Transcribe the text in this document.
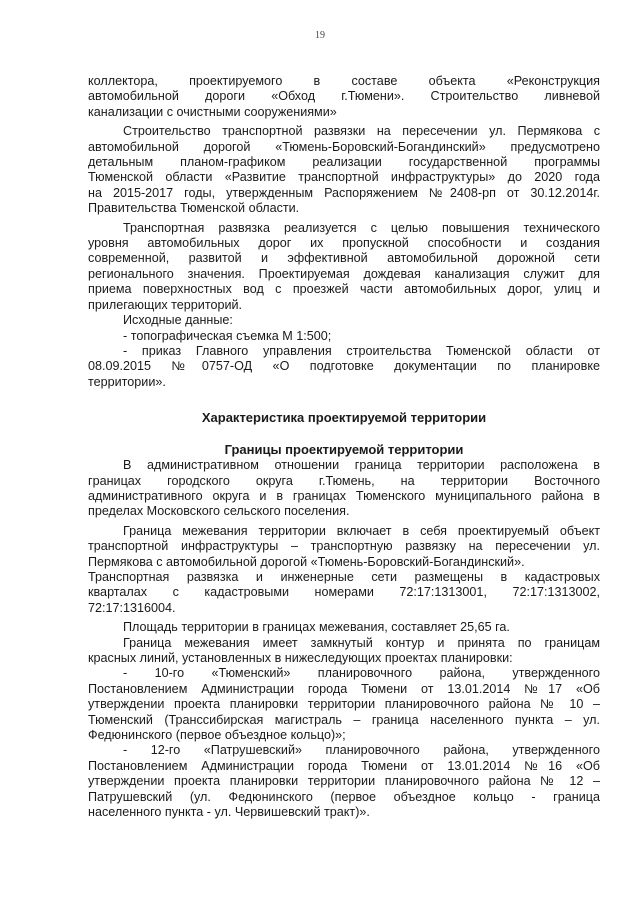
19

коллектора, проектируемого в составе объекта «Реконструкция

автомобильной дороги «Обход г.Тюмени». Строительство ливневой

канализации с очистными сооружениями»

Строительство транспортной развязки на пересечении ул. Пермякова с

автомобильной дорогой «Тюмень-Боровский-Богандинский» предусмотрено

детальным планом-графиком реализации государственной программы

Тюменской области «Развитие транспортной инфраструктуры» до 2020 года

на 2015-2017 годы, утвержденным Распоряжением №2408-рп от 30.12.2014г.

Правительства Тюменской области.

Транспортная развязка реализуется с целью повышения технического

уровня автомобильных дорог их пропускной способности и создания

современной, развитой и эффективной автомобильной дорожной сети

регионального значения. Проектируемая дождевая канализация служит для

приема поверхностных вод с проезжей части автомобильных дорог, улиц и

прилегающих территорий.

Исходные данные:

- топографическая съемка М 1:500;

- приказ Главного управления строительства Тюменской области от

08.09.2015 №0757-ОД «О подготовке документации по планировке

территории».

Характеристика проектируемой территории

Границы проектируемой территории

В административном отношении граница территории расположена в

границах городского округа г.Тюмень, на территории Восточного

административного округа и в границах Тюменского муниципального района в

пределах Московского сельского поселения.

Граница межевания территории включает в себя проектируемый объект

транспортной инфраструктуры – транспортную развязку на пересечении ул.

Пермякова с автомобильной дорогой «Тюмень-Боровский-Богандинский».

Транспортная развязка и инженерные сети размещены в кадастровых

кварталах с кадастровыми номерами 72:17:1313001, 72:17:1313002,

72:17:1316004.

Площадь территории в границах межевания, составляет 25,65 га.

Граница межевания имеет замкнутый контур и принята по границам

красных линий, установленных в нижеследующих проектах планировки:

- 10-го «Тюменский» планировочного района, утвержденного

Постановлением Администрации города Тюмени от 13.01.2014 №17 «Об

утверждении проекта планировки территории планировочного района № 10 –

Тюменский (Транссибирская магистраль – граница населенного пункта – ул.

Федюнинского (первое объездное кольцо)»;

- 12-го «Патрушевский» планировочного района, утвержденного

Постановлением Администрации города Тюмени от 13.01.2014 №16 «Об

утверждении проекта планировки территории планировочного района № 12 –

Патрушевский (ул. Федюнинского (первое объездное кольцо - граница

населенного пункта - ул. Червишевский тракт)».
